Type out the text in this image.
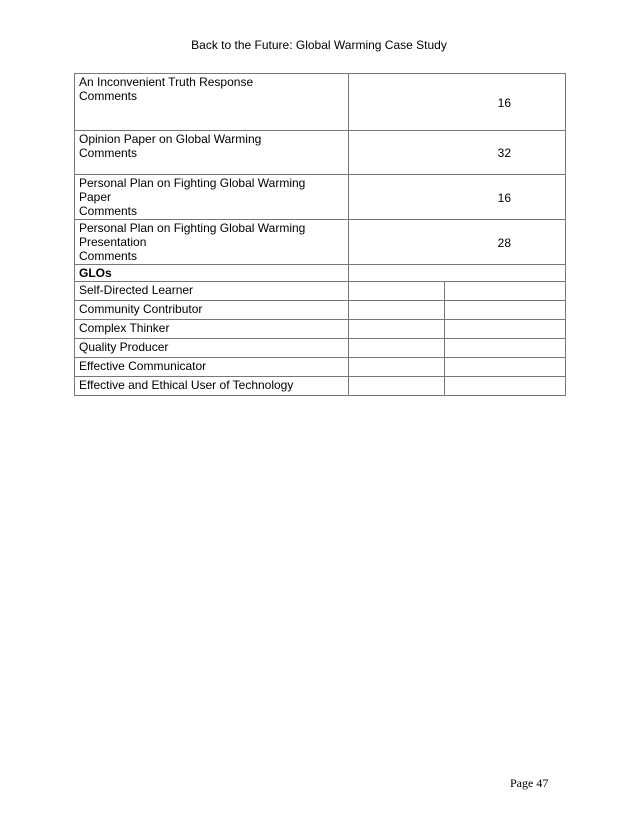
Back to the Future: Global Warming Case Study
An Inconvenient Truth Response
Comments	16	

Opinion Paper on Global Warming
Comments	32	

Personal Plan on Fighting Global Warming
Paper
Comments	16	

Personal Plan on Fighting Global Warming
Presentation
Comments	28	
GLOs		
Self-Directed Learner		
Community Contributor		
Complex Thinker		
Quality Producer		
Effective Communicator		
Effective and Ethical User of Technology		
Page 47
